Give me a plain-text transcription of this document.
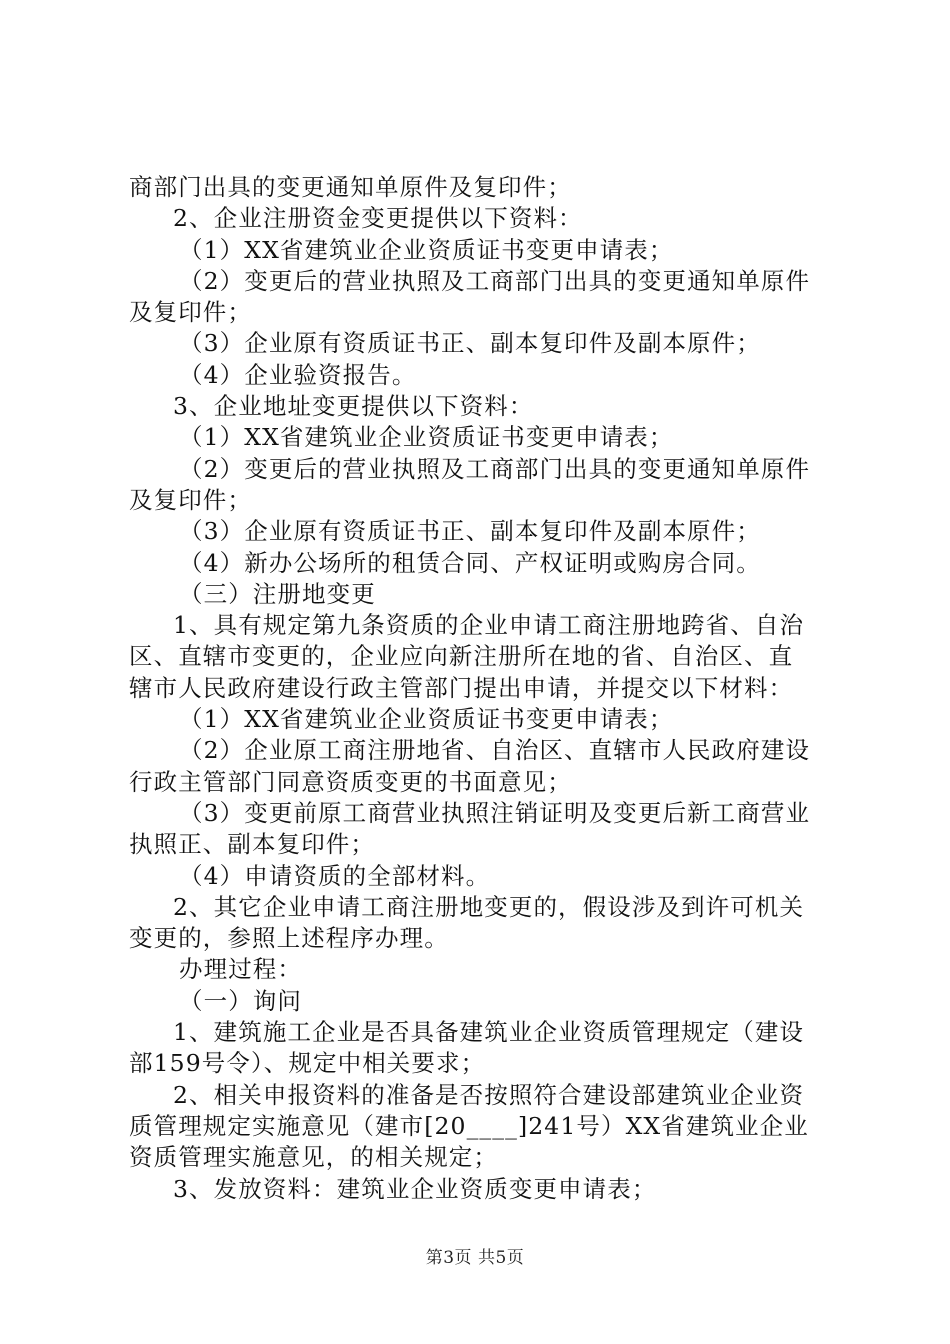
商部门出具的变更通知单原件及复印件；
2、企业注册资金变更提供以下资料：
（1）XX省建筑业企业资质证书变更申请表；
（2）变更后的营业执照及工商部门出具的变更通知单原件
及复印件；
（3）企业原有资质证书正、副本复印件及副本原件；
（4）企业验资报告。
3、企业地址变更提供以下资料：
（1）XX省建筑业企业资质证书变更申请表；
（2）变更后的营业执照及工商部门出具的变更通知单原件
及复印件；
（3）企业原有资质证书正、副本复印件及副本原件；
（4）新办公场所的租赁合同、产权证明或购房合同。
（三）注册地变更
1、具有规定第九条资质的企业申请工商注册地跨省、自治
区、直辖市变更的，企业应向新注册所在地的省、自治区、直
辖市人民政府建设行政主管部门提出申请，并提交以下材料：
（1）XX省建筑业企业资质证书变更申请表；
（2）企业原工商注册地省、自治区、直辖市人民政府建设
行政主管部门同意资质变更的书面意见；
（3）变更前原工商营业执照注销证明及变更后新工商营业
执照正、副本复印件；
（4）申请资质的全部材料。
2、其它企业申请工商注册地变更的，假设涉及到许可机关
变更的，参照上述程序办理。
办理过程：
（一）询问
1、建筑施工企业是否具备建筑业企业资质管理规定（建设
部159号令）、规定中相关要求；
2、相关申报资料的准备是否按照符合建设部建筑业企业资
质管理规定实施意见（建市[20____]241号）XX省建筑业企业
资质管理实施意见，的相关规定；
3、发放资料：建筑业企业资质变更申请表；
第3页 共5页
